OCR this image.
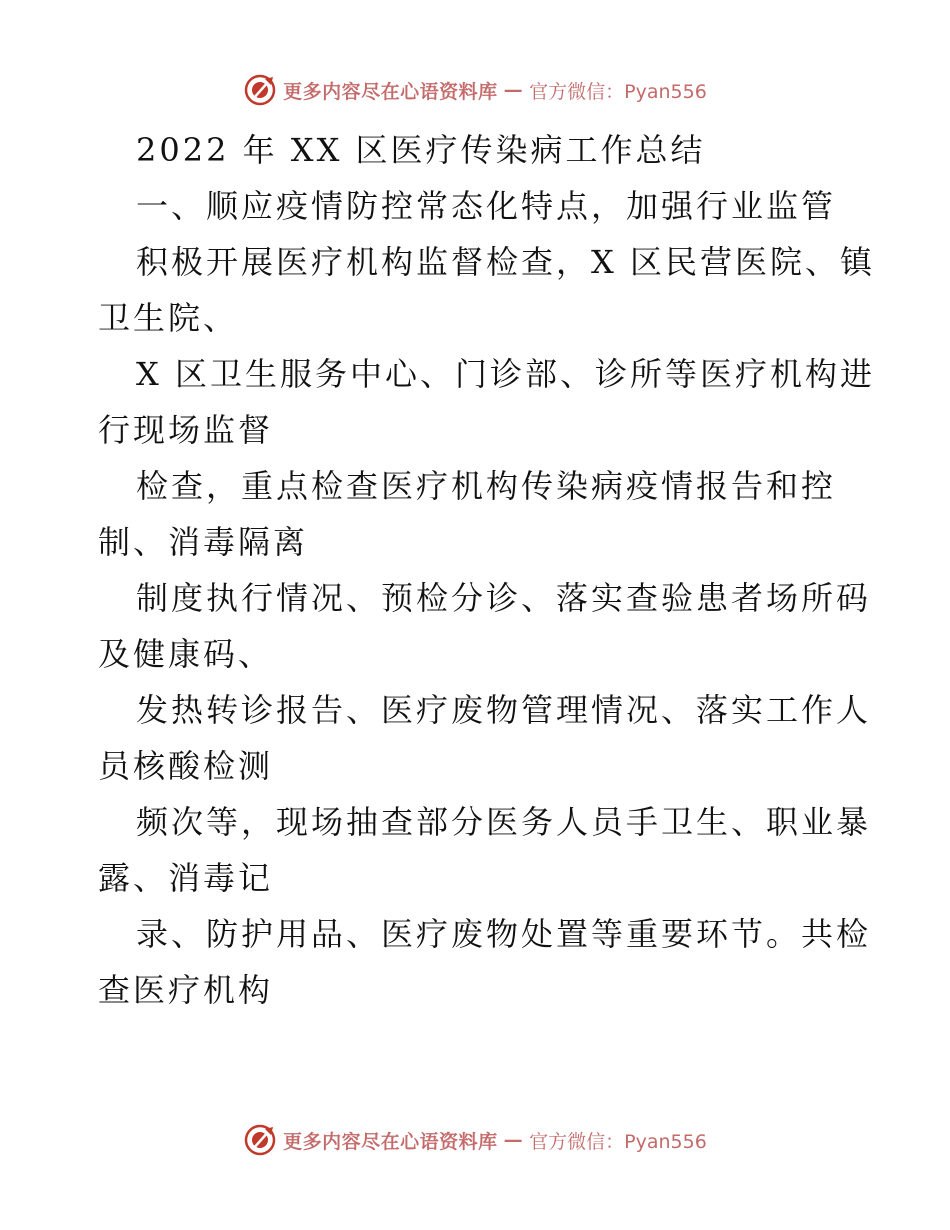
更多内容尽在心语资料库 — 官方微信：Pyan556
2022 年 XX 区医疗传染病工作总结
一、顺应疫情防控常态化特点，加强行业监管
积极开展医疗机构监督检查，X 区民营医院、镇
卫生院、
X 区卫生服务中心、门诊部、诊所等医疗机构进
行现场监督
检查，重点检查医疗机构传染病疫情报告和控
制、消毒隔离
制度执行情况、预检分诊、落实查验患者场所码
及健康码、
发热转诊报告、医疗废物管理情况、落实工作人
员核酸检测
频次等，现场抽查部分医务人员手卫生、职业暴
露、消毒记
录、防护用品、医疗废物处置等重要环节。共检
查医疗机构
更多内容尽在心语资料库 — 官方微信：Pyan556
